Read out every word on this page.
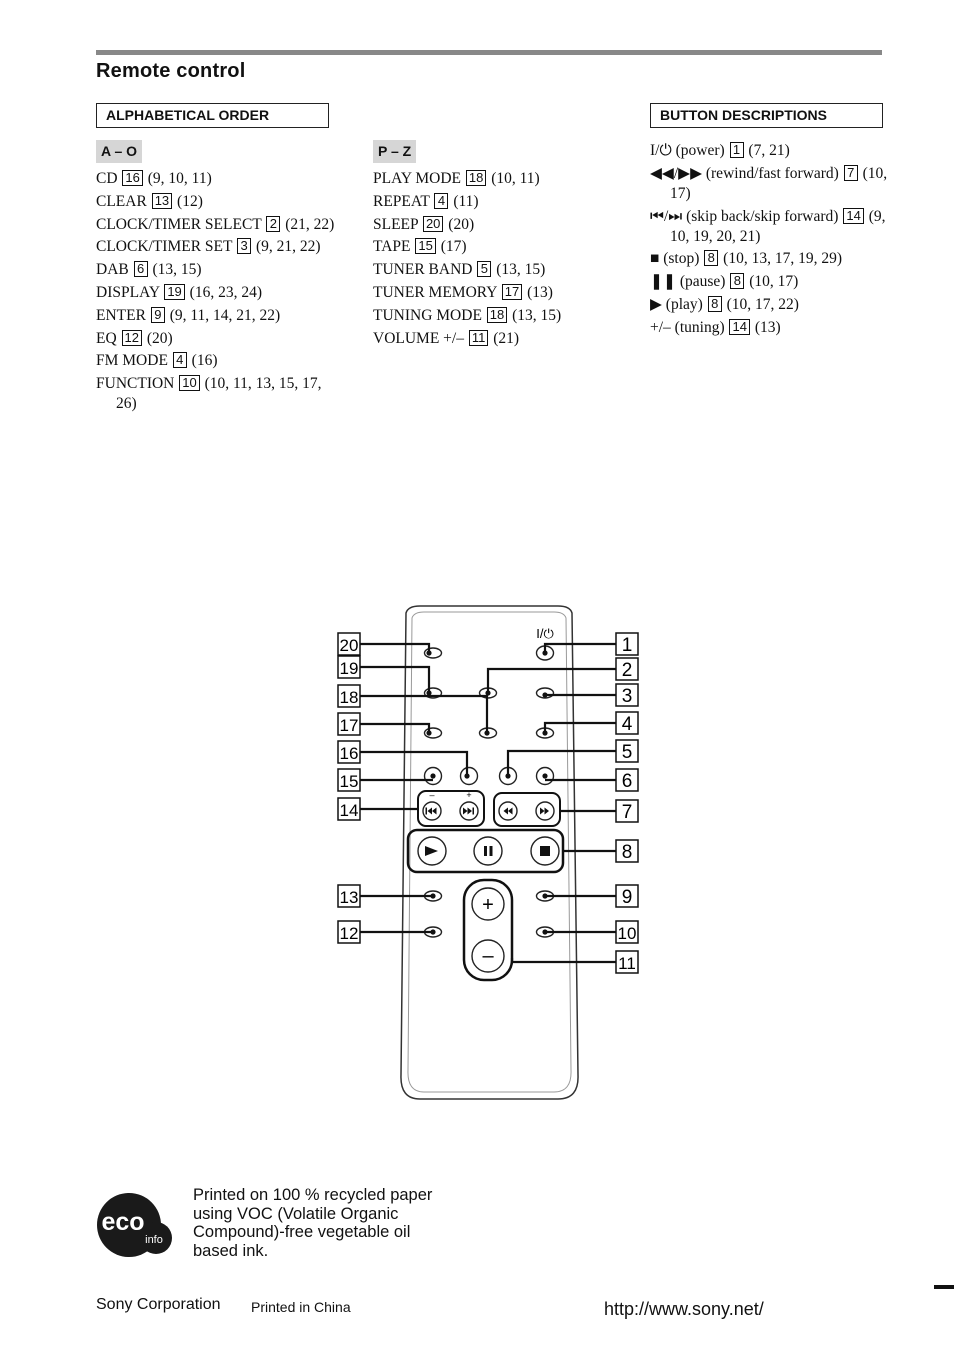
Remote control
ALPHABETICAL ORDER	BUTTON DESCRIPTIONS
A – O	P – Z
CD 16 (9, 10, 11)
CLEAR 13 (12)
CLOCK/TIMER SELECT 2 (21, 22)
CLOCK/TIMER SET 3 (9, 21, 22)
DAB 6 (13, 15)
DISPLAY 19 (16, 23, 24)
ENTER 9 (9, 11, 14, 21, 22)
EQ 12 (20)
FM MODE 4 (16)
FUNCTION 10 (10, 11, 13, 15, 17, 26)
PLAY MODE 18 (10, 11)
REPEAT 4 (11)
SLEEP 20 (20)
TAPE 15 (17)
TUNER BAND 5 (13, 15)
TUNER MEMORY 17 (13)
TUNING MODE 18 (13, 15)
VOLUME +/– 11 (21)
I/⏻ (power) 1 (7, 21)
◀◀/▶▶ (rewind/fast forward) 7 (10, 17)
⏮/⏭ (skip back/skip forward) 14 (9, 10, 19, 20, 21)
■ (stop) 8 (10, 13, 17, 19, 29)
❚❚ (pause) 8 (10, 17)
▶ (play) 8 (10, 17, 22)
+/– (tuning) 14 (13)
I/⏻
–	+
+
–
20
19
18
17
16
15
14
13
12
1
2
3
4
5
6
7
8
9
10
11
eco
info
Printed on 100 % recycled paper using VOC (Volatile Organic Compound)-free vegetable oil based ink.
Sony Corporation Printed in China	http://www.sony.net/
